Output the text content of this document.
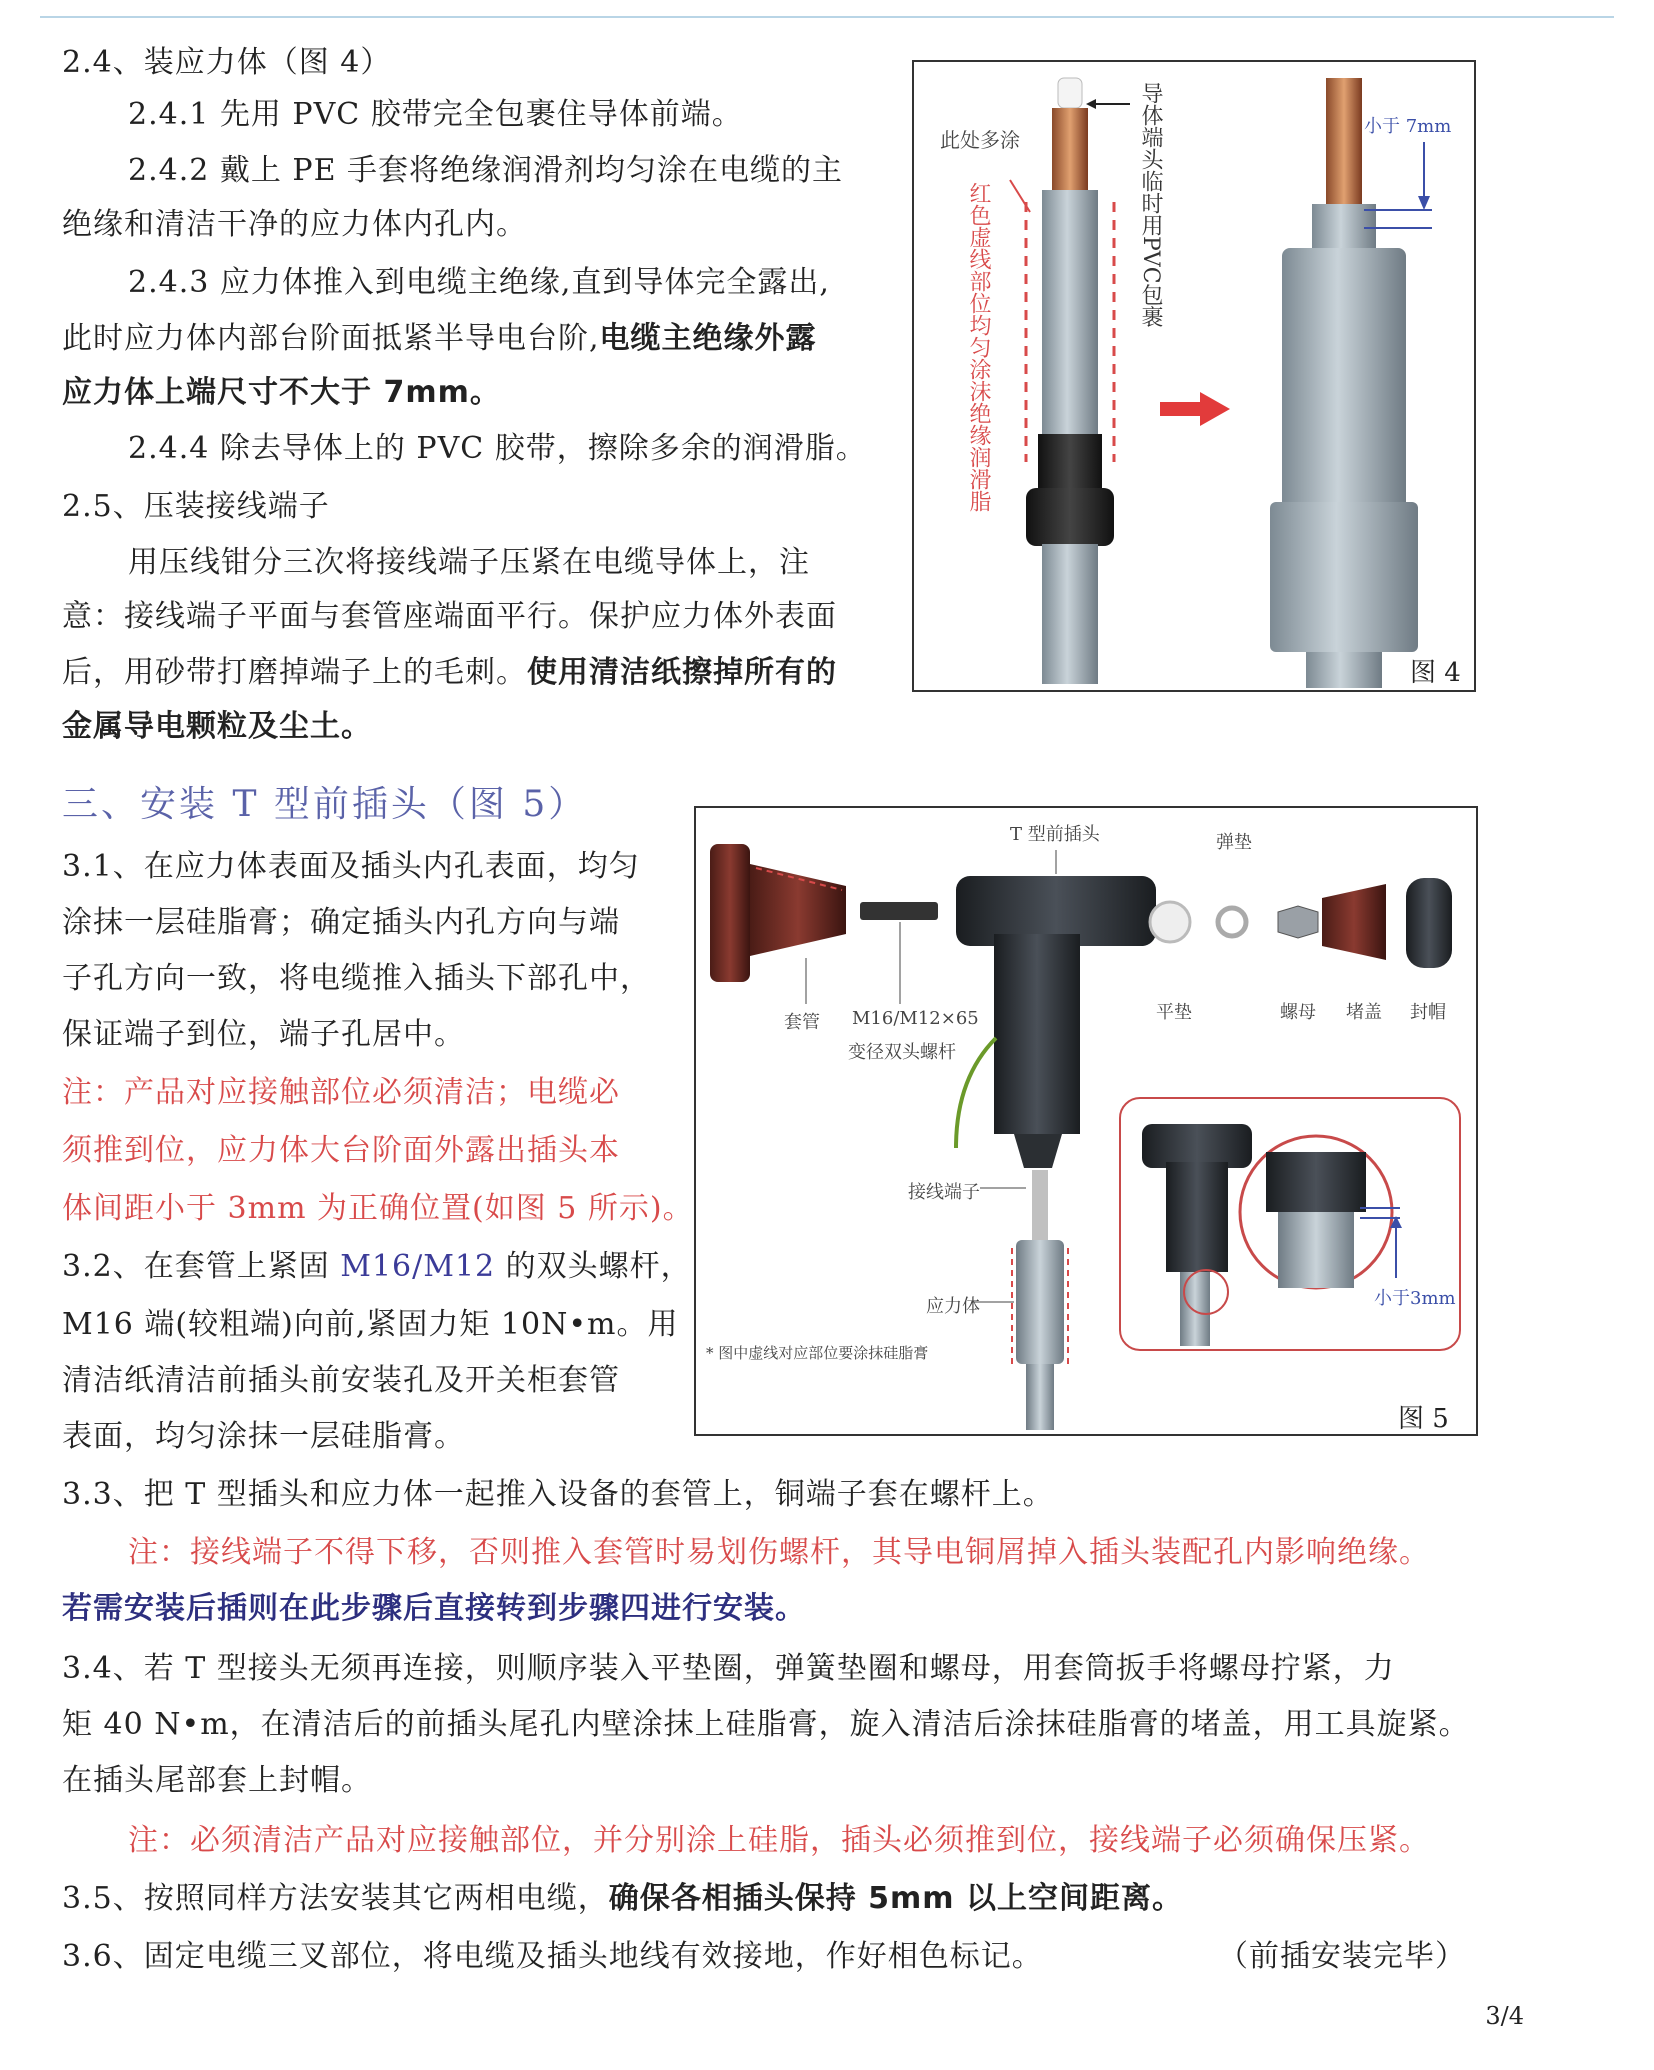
2.4、装应力体（图 4）
2.4.1 先用 PVC 胶带完全包裹住导体前端。
2.4.2 戴上 PE 手套将绝缘润滑剂均匀涂在电缆的主
绝缘和清洁干净的应力体内孔内。
2.4.3 应力体推入到电缆主绝缘,直到导体完全露出,
此时应力体内部台阶面抵紧半导电台阶,电缆主绝缘外露
应力体上端尺寸不大于 7mm。
2.4.4 除去导体上的 PVC 胶带，擦除多余的润滑脂。
2.5、压装接线端子
用压线钳分三次将接线端子压紧在电缆导体上，注
意：接线端子平面与套管座端面平行。保护应力体外表面
后，用砂带打磨掉端子上的毛刺。使用清洁纸擦掉所有的
金属导电颗粒及尘土。
此处多涂	导体端头临时用PVC包裹
红色虚线部位均匀涂沫绝缘润滑脂
小于 7mm
图 4
三、安装 T 型前插头（图 5）
3.1、在应力体表面及插头内孔表面，均匀
涂抹一层硅脂膏；确定插头内孔方向与端
子孔方向一致，将电缆推入插头下部孔中，
保证端子到位，端子孔居中。
注：产品对应接触部位必须清洁；电缆必
须推到位，应力体大台阶面外露出插头本
体间距小于 3mm 为正确位置(如图 5 所示)。
3.2、在套管上紧固 M16/M12 的双头螺杆，
M16 端(较粗端)向前,紧固力矩 10N•m。用
清洁纸清洁前插头前安装孔及开关柜套管
表面，均匀涂抹一层硅脂膏。
3.3、把 T 型插头和应力体一起推入设备的套管上，铜端子套在螺杆上。
注：接线端子不得下移，否则推入套管时易划伤螺杆，其导电铜屑掉入插头装配孔内影响绝缘。
若需安装后插则在此步骤后直接转到步骤四进行安装。
3.4、若 T 型接头无须再连接，则顺序装入平垫圈，弹簧垫圈和螺母，用套筒扳手将螺母拧紧，力
矩 40 N•m，在清洁后的前插头尾孔内壁涂抹上硅脂膏，旋入清洁后涂抹硅脂膏的堵盖，用工具旋紧。
在插头尾部套上封帽。
注：必须清洁产品对应接触部位，并分别涂上硅脂，插头必须推到位，接线端子必须确保压紧。
3.5、按照同样方法安装其它两相电缆，确保各相插头保持 5mm 以上空间距离。
3.6、固定电缆三叉部位，将电缆及插头地线有效接地，作好相色标记。	（前插安装完毕）
T 型前插头	弹垫
套管 M16/M12×65
变径双头螺杆
平垫	螺母 堵盖 封帽
接线端子
应力体
* 图中虚线对应部位要涂抹硅脂膏
小于3mm
图 5
3/4
